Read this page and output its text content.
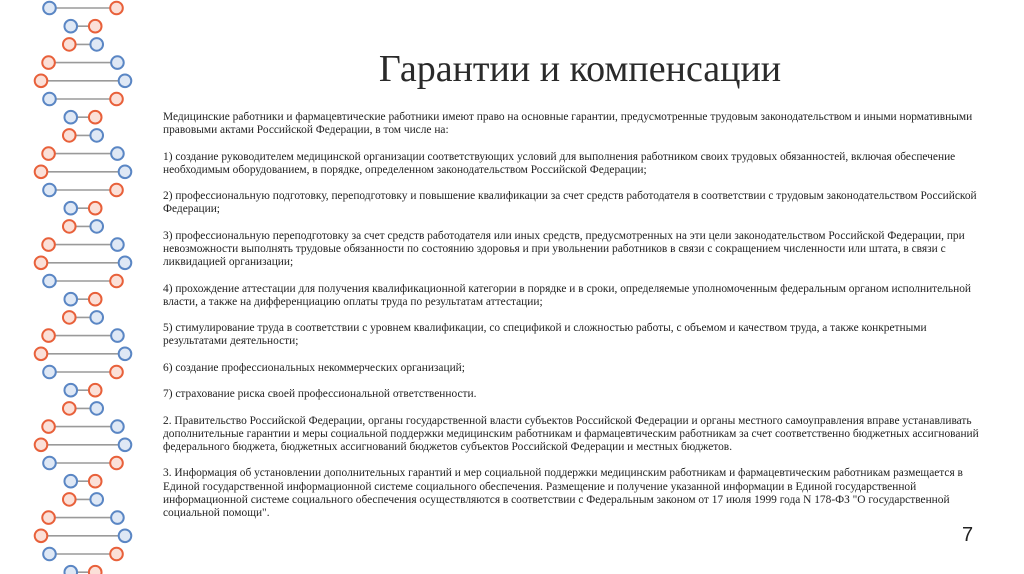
Гарантии и компенсации

Медицинские работники и фармацевтические работники имеют право на основные гарантии, предусмотренные трудовым законодательством и иными нормативными правовыми актами Российской Федерации, в том числе на:

1) создание руководителем медицинской организации соответствующих условий для выполнения работником своих трудовых обязанностей, включая обеспечение необходимым оборудованием, в порядке, определенном законодательством Российской Федерации;

2) профессиональную подготовку, переподготовку и повышение квалификации за счет средств работодателя в соответствии с трудовым законодательством Российской Федерации;

3) профессиональную переподготовку за счет средств работодателя или иных средств, предусмотренных на эти цели законодательством Российской Федерации, при невозможности выполнять трудовые обязанности по состоянию здоровья и при увольнении работников в связи с сокращением численности или штата, в связи с ликвидацией организации;

4) прохождение аттестации для получения квалификационной категории в порядке и в сроки, определяемые уполномоченным федеральным органом исполнительной власти, а также на дифференциацию оплаты труда по результатам аттестации;

5) стимулирование труда в соответствии с уровнем квалификации, со спецификой и сложностью работы, с объемом и качеством труда, а также конкретными результатами деятельности;

6) создание профессиональных некоммерческих организаций;

7) страхование риска своей профессиональной ответственности.

2. Правительство Российской Федерации, органы государственной власти субъектов Российской Федерации и органы местного самоуправления вправе устанавливать дополнительные гарантии и меры социальной поддержки медицинским работникам и фармацевтическим работникам за счет соответственно бюджетных ассигнований федерального бюджета, бюджетных ассигнований бюджетов субъектов Российской Федерации и местных бюджетов.

3. Информация об установлении дополнительных гарантий и мер социальной поддержки медицинским работникам и фармацевтическим работникам размещается в Единой государственной информационной системе социального обеспечения. Размещение и получение указанной информации в Единой государственной информационной системе социального обеспечения осуществляются в соответствии с Федеральным законом от 17 июля 1999 года N 178-ФЗ "О государственной социальной помощи".

7
